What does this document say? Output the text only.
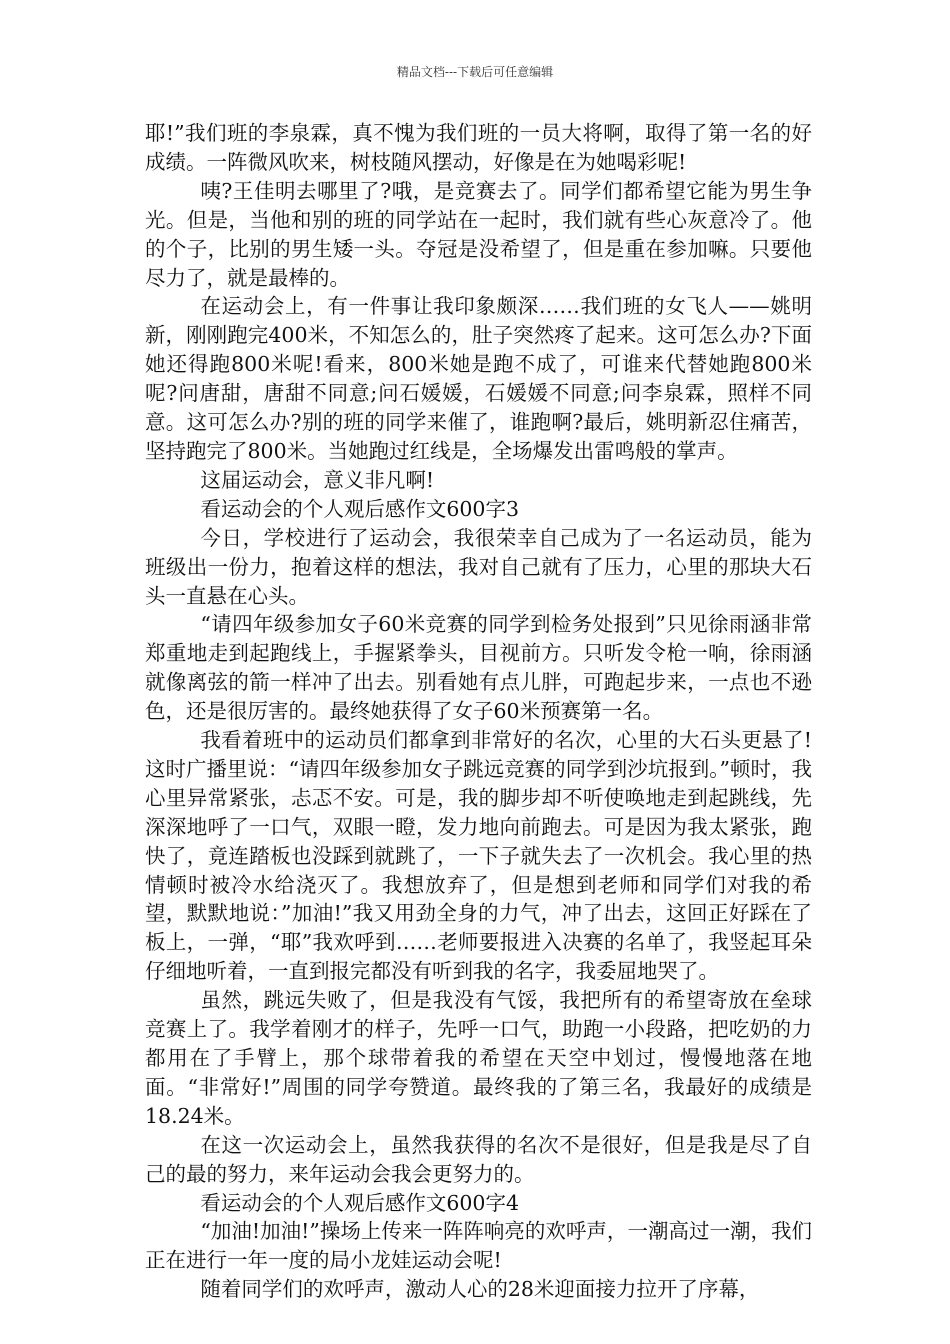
精品文档---下载后可任意编辑

耶!”我们班的李泉霖，真不愧为我们班的一员大将啊，取得了第一名的好成绩。一阵微风吹来，树枝随风摆动，好像是在为她喝彩呢!

咦?王佳明去哪里了?哦，是竞赛去了。同学们都希望它能为男生争光。但是，当他和别的班的同学站在一起时，我们就有些心灰意冷了。他的个子，比别的男生矮一头。夺冠是没希望了，但是重在参加嘛。只要他尽力了，就是最棒的。

在运动会上，有一件事让我印象颇深……我们班的女飞人——姚明新，刚刚跑完400米，不知怎么的，肚子突然疼了起来。这可怎么办?下面她还得跑800米呢!看来，800米她是跑不成了，可谁来代替她跑800米呢?问唐甜，唐甜不同意;问石媛媛，石媛媛不同意;问李泉霖，照样不同意。这可怎么办?别的班的同学来催了，谁跑啊?最后，姚明新忍住痛苦，坚持跑完了800米。当她跑过红线是，全场爆发出雷鸣般的掌声。

这届运动会，意义非凡啊!

看运动会的个人观后感作文600字3

今日，学校进行了运动会，我很荣幸自己成为了一名运动员，能为班级出一份力，抱着这样的想法，我对自己就有了压力，心里的那块大石头一直悬在心头。

“请四年级参加女子60米竞赛的同学到检务处报到”只见徐雨涵非常郑重地走到起跑线上，手握紧拳头，目视前方。只听发令枪一响，徐雨涵就像离弦的箭一样冲了出去。别看她有点儿胖，可跑起步来，一点也不逊色，还是很厉害的。最终她获得了女子60米预赛第一名。

我看着班中的运动员们都拿到非常好的名次，心里的大石头更悬了!这时广播里说：“请四年级参加女子跳远竞赛的同学到沙坑报到。”顿时，我心里异常紧张，忐忑不安。可是，我的脚步却不听使唤地走到起跳线，先深深地呼了一口气，双眼一瞪，发力地向前跑去。可是因为我太紧张，跑快了，竟连踏板也没踩到就跳了，一下子就失去了一次机会。我心里的热情顿时被冷水给浇灭了。我想放弃了，但是想到老师和同学们对我的希望，默默地说：”加油!”我又用劲全身的力气，冲了出去，这回正好踩在了板上，一弹，“耶”我欢呼到……老师要报进入决赛的名单了，我竖起耳朵仔细地听着，一直到报完都没有听到我的名字，我委屈地哭了。

虽然，跳远失败了，但是我没有气馁，我把所有的希望寄放在垒球竞赛上了。我学着刚才的样子，先呼一口气，助跑一小段路，把吃奶的力都用在了手臂上，那个球带着我的希望在天空中划过，慢慢地落在地面。“非常好!”周围的同学夸赞道。最终我的了第三名，我最好的成绩是18.24米。

在这一次运动会上，虽然我获得的名次不是很好，但是我是尽了自己的最的努力，来年运动会我会更努力的。

看运动会的个人观后感作文600字4

“加油!加油!”操场上传来一阵阵响亮的欢呼声，一潮高过一潮，我们正在进行一年一度的局小龙娃运动会呢!

随着同学们的欢呼声，激动人心的28米迎面接力拉开了序幕，
